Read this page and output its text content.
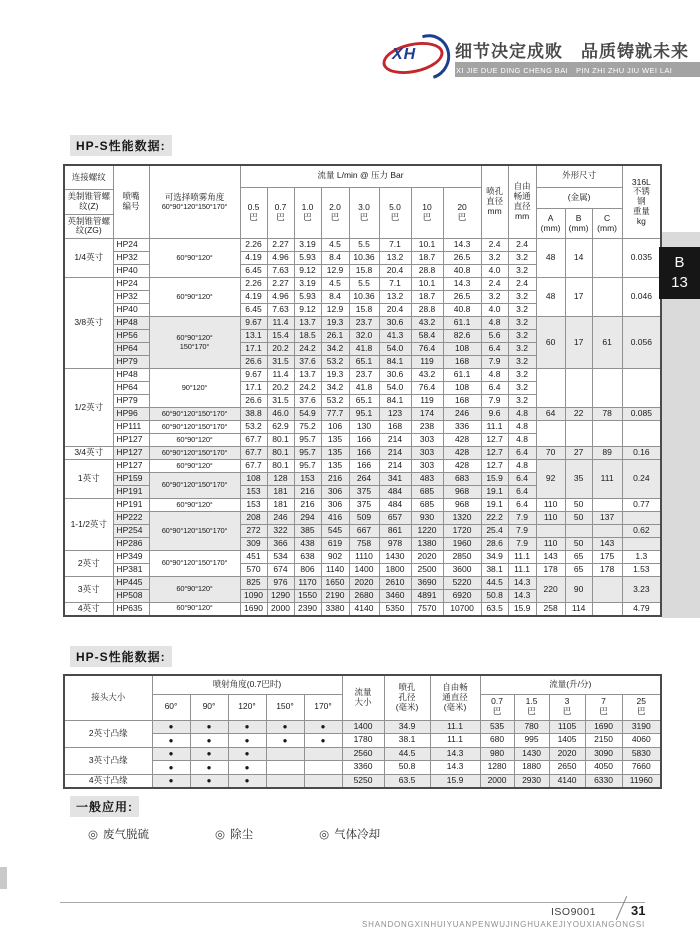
XH 细节决定成败　品质铸就未来
XI JIE DUE DING CHENG BAI　PIN ZHI ZHU JIU WEI LAI
HP-S性能数据:
连接螺纹
美制锥管螺纹(Z)
英制锥管螺纹(ZG)
	喷嘴
编号	
可选择喷雾角度
60°90°120°150°170°
	流量 L/min @ 压力 Bar	喷孔
直径
mm	自由
畅通
直径
mm	外形尺寸	316L
不锈
钢
重量
kg
			0.5
巴	0.7
巴	1.0
巴	2.0
巴	3.0
巴	5.0
巴	10
巴	20
巴			(金属)			
													A
(mm)	B
(mm)	C
(mm)	
1/4英寸	HP24	60°90°120°	2.26	2.27	3.19	4.5	5.5	7.1	10.1	14.3	2.4	2.4	48	14		0.035
	HP32		4.19	4.96	5.93	8.4	10.36	13.2	18.7	26.5	3.2	3.2				
	HP40		6.45	7.63	9.12	12.9	15.8	20.4	28.8	40.8	4.0	3.2				
3/8英寸	HP24	60°90°120°	2.26	2.27	3.19	4.5	5.5	7.1	10.1	14.3	2.4	2.4	48	17		0.046
	HP32		4.19	4.96	5.93	8.4	10.36	13.2	18.7	26.5	3.2	3.2				
	HP40		6.45	7.63	9.12	12.9	15.8	20.4	28.8	40.8	4.0	3.2				
	HP48	60°90°120°
150°170°	9.67	11.4	13.7	19.3	23.7	30.6	43.2	61.1	4.8	3.2	60	17	61	0.056
	HP56		13.1	15.4	18.5	26.1	32.0	41.3	58.4	82.6	5.6	3.2				
	HP64		17.1	20.2	24.2	34.2	41.8	54.0	76.4	108	6.4	3.2				
	HP79		26.6	31.5	37.6	53.2	65.1	84.1	119	168	7.9	3.2				
1/2英寸	HP48	90°120°	9.67	11.4	13.7	19.3	23.7	30.6	43.2	61.1	4.8	3.2				
	HP64		17.1	20.2	24.2	34.2	41.8	54.0	76.4	108	6.4	3.2				
	HP79		26.6	31.5	37.6	53.2	65.1	84.1	119	168	7.9	3.2				
	HP96	60°90°120°150°170°	38.8	46.0	54.9	77.7	95.1	123	174	246	9.6	4.8	64	22	78	0.085
	HP111	60°90°120°150°170°	53.2	62.9	75.2	106	130	168	238	336	11.1	4.8				
	HP127	60°90°120°	67.7	80.1	95.7	135	166	214	303	428	12.7	4.8				
3/4英寸	HP127	60°90°120°150°170°	67.7	80.1	95.7	135	166	214	303	428	12.7	6.4	70	27	89	0.16
1英寸	HP127	60°90°120°	67.7	80.1	95.7	135	166	214	303	428	12.7	4.8	92	35	111	0.24
	HP159	60°90°120°150°170°	108	128	153	216	264	341	483	683	15.9	6.4				
	HP191		153	181	216	306	375	484	685	968	19.1	6.4				
1-1/2英寸	HP191	60°90°120°	153	181	216	306	375	484	685	968	19.1	6.4	110	50		0.77
	HP222	60°90°120°150°170°	208	246	294	416	509	657	930	1320	22.2	7.9	110	50	137	
	HP254		272	322	385	545	667	861	1220	1720	25.4	7.9				0.62
	HP286		309	366	438	619	758	978	1380	1960	28.6	7.9	110	50	143	
2英寸	HP349	60°90°120°150°170°	451	534	638	902	1110	1430	2020	2850	34.9	11.1	143	65	175	1.3
	HP381		570	674	806	1140	1400	1800	2500	3600	38.1	11.1	178	65	178	1.53
3英寸	HP445	60°90°120°	825	976	1170	1650	2020	2610	3690	5220	44.5	14.3	220	90		3.23
	HP508		1090	1290	1550	2190	2680	3460	4891	6920	50.8	14.3				
4英寸	HP635	60°90°120°	1690	2000	2390	3380	4140	5350	7570	10700	63.5	15.9	258	114		4.79
B
13
HP-S性能数据:
接头大小	喷射角度(0.7巴时)					流量
大小	喷孔
孔径
(毫米)	自由畅
通直径
(毫米)	流量(升/分)				
	60°	90°	120°	150°	170°				0.7
巴	1.5
巴	3
巴	7
巴	25
巴
2英寸凸缘	●	●	●	●	●	1400	34.9	11.1	535	780	1105	1690	3190
	●	●	●	●	●	1780	38.1	11.1	680	995	1405	2150	4060
3英寸凸缘	●	●	●			2560	44.5	14.3	980	1430	2020	3090	5830
	●	●	●			3360	50.8	14.3	1280	1880	2650	4050	7660
4英寸凸缘	●	●	●			5250	63.5	15.9	2000	2930	4140	6330	11960
一般应用:
◎ 废气脱硫	◎ 除尘	◎ 气体冷却
ISO9001	31
SHANDONGXINHUIYUANPENWUJINGHUAKEJIYOUXIANGONGSI
